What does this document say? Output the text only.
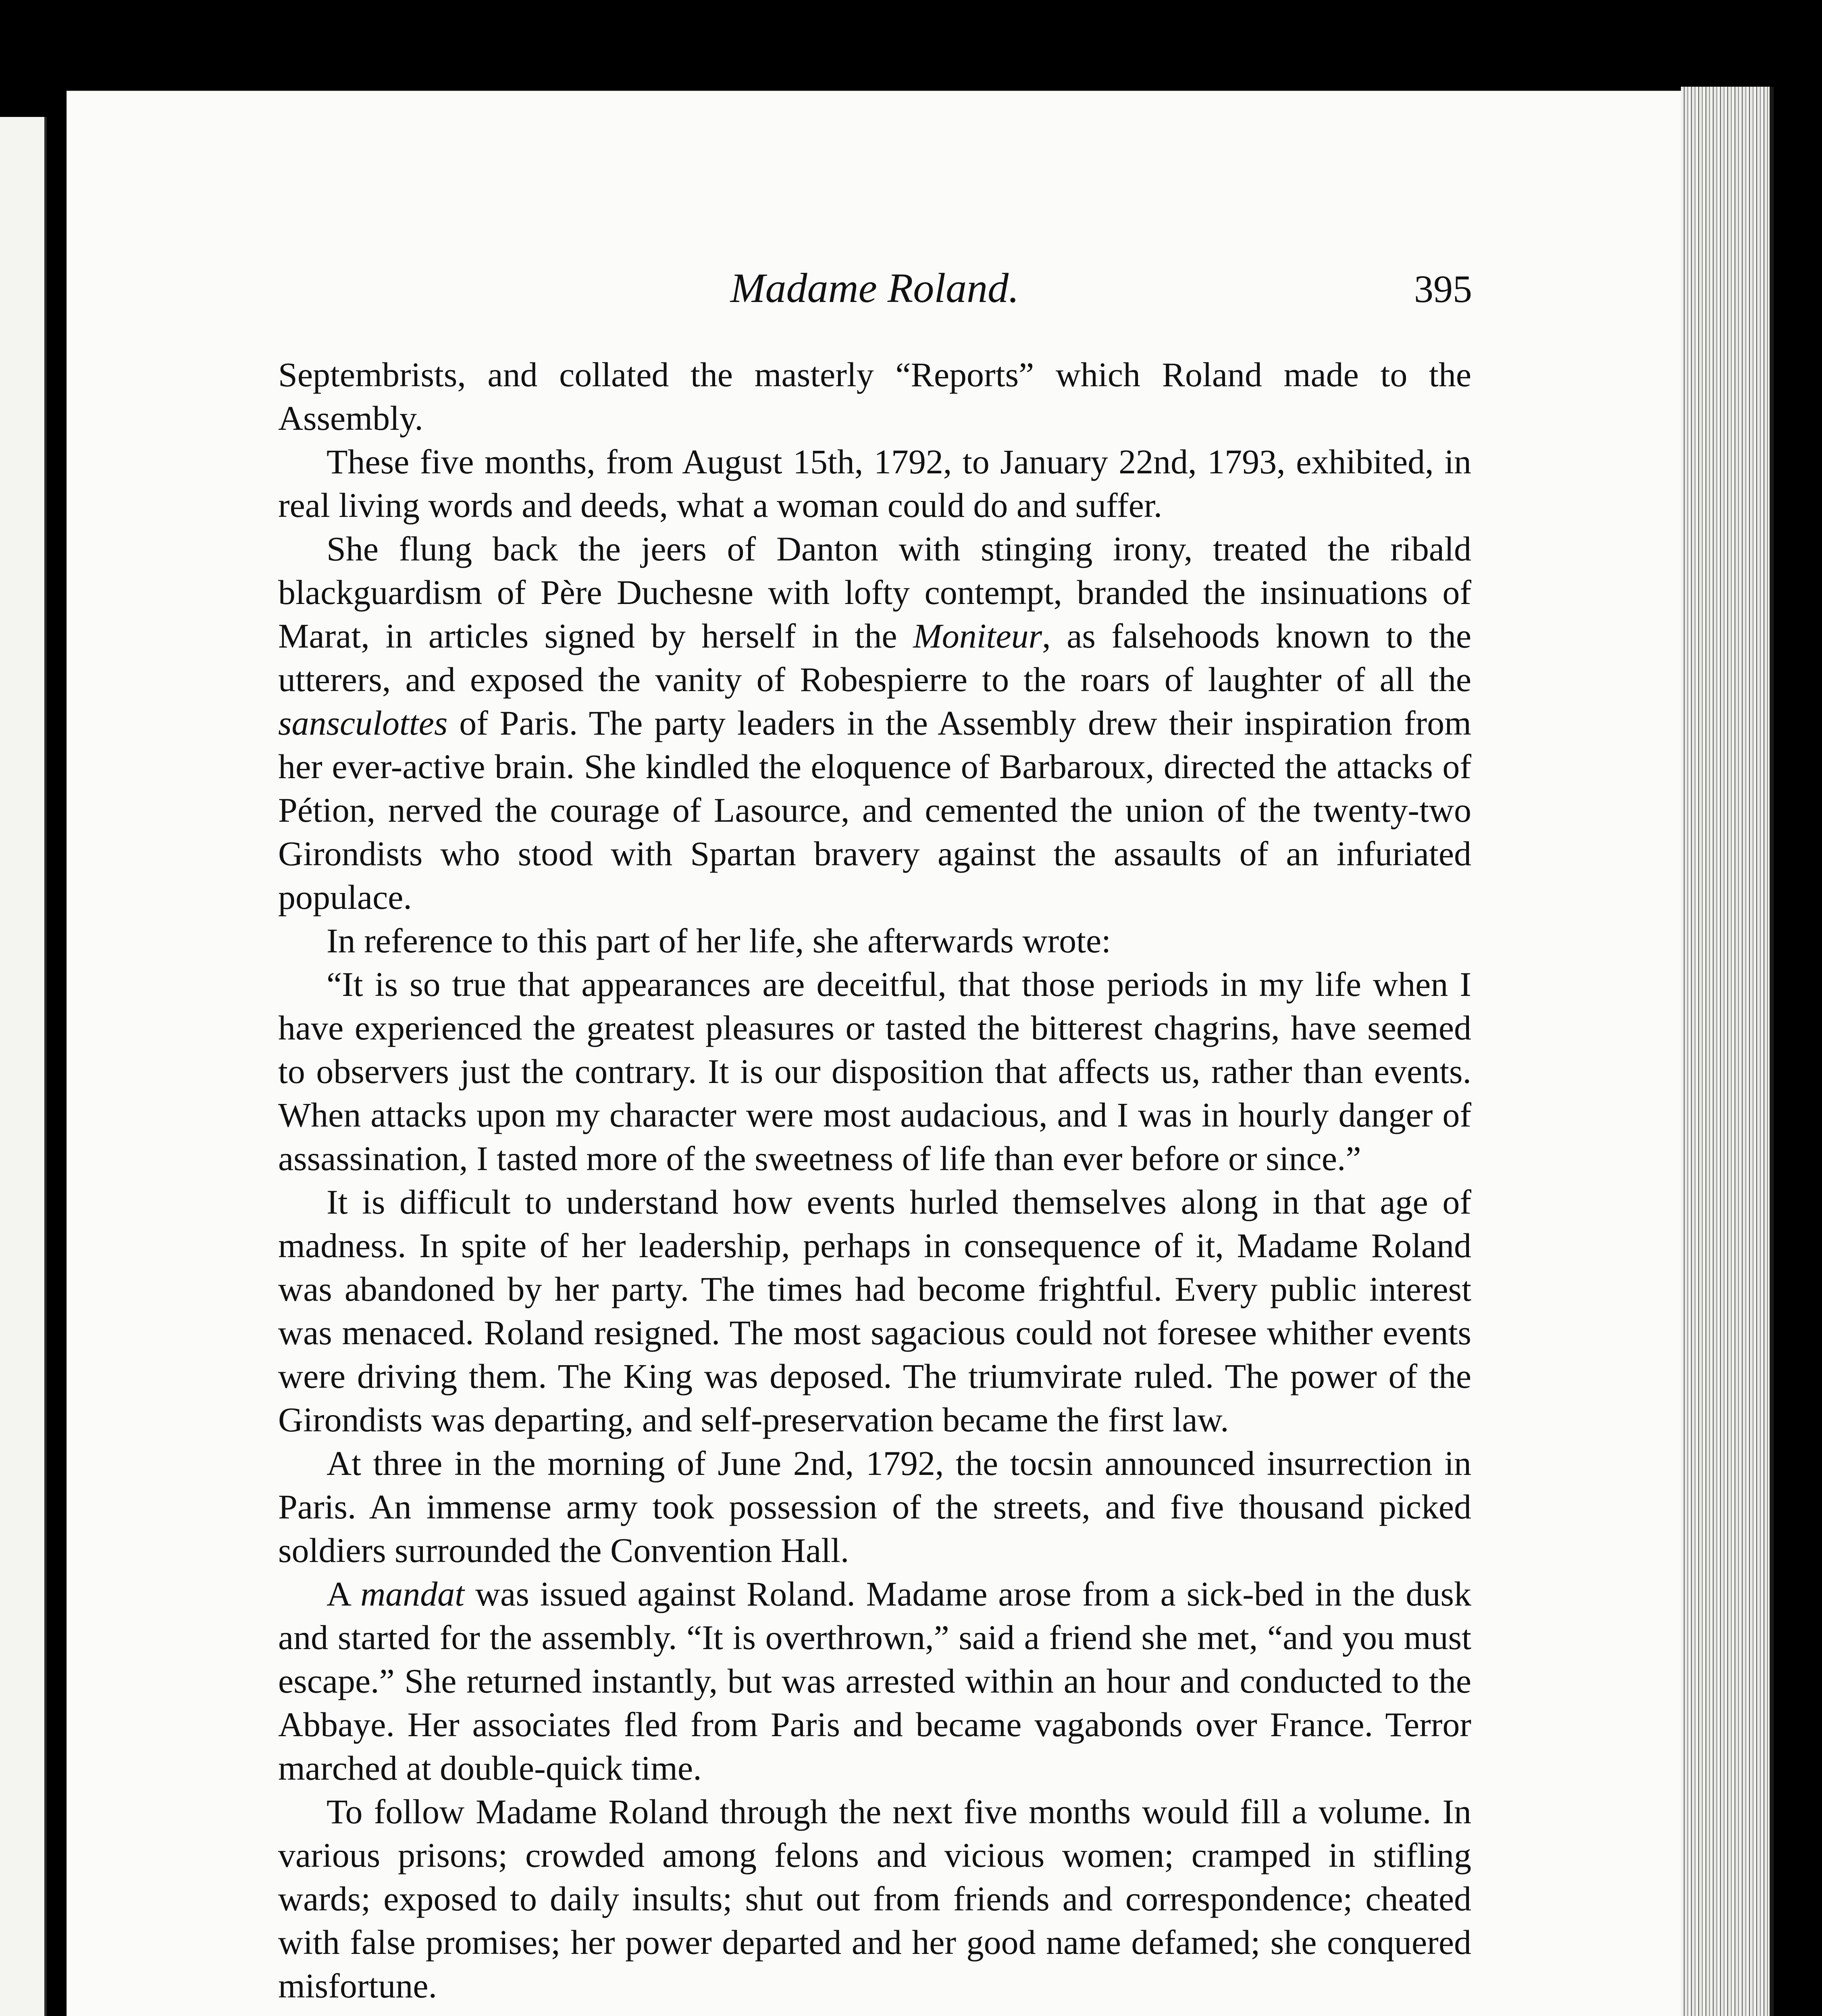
Madame Roland.	395

Septembrists, and collated the masterly “Reports” which Roland made to the Assembly.

These five months, from August 15th, 1792, to January 22nd, 1793, exhibited, in real living words and deeds, what a woman could do and suffer.

She flung back the jeers of Danton with stinging irony, treated the ribald blackguardism of Père Duchesne with lofty contempt, branded the insinuations of Marat, in articles signed by herself in the Moniteur, as falsehoods known to the utterers, and exposed the vanity of Robespierre to the roars of laughter of all the sansculottes of Paris. The party leaders in the Assembly drew their inspiration from her ever-active brain. She kindled the eloquence of Barbaroux, directed the attacks of Pétion, nerved the courage of Lasource, and cemented the union of the twenty-two Girondists who stood with Spartan bravery against the assaults of an infuriated populace.

In reference to this part of her life, she afterwards wrote:

“It is so true that appearances are deceitful, that those periods in my life when I have experienced the greatest pleasures or tasted the bitterest chagrins, have seemed to observers just the contrary. It is our disposition that affects us, rather than events. When attacks upon my character were most audacious, and I was in hourly danger of assassination, I tasted more of the sweetness of life than ever before or since.”

It is difficult to understand how events hurled themselves along in that age of madness. In spite of her leadership, perhaps in consequence of it, Madame Roland was abandoned by her party. The times had become frightful. Every public interest was menaced. Roland resigned. The most sagacious could not foresee whither events were driving them. The King was deposed. The triumvirate ruled. The power of the Girondists was departing, and self-preservation became the first law.

At three in the morning of June 2nd, 1792, the tocsin announced insurrection in Paris. An immense army took possession of the streets, and five thousand picked soldiers surrounded the Convention Hall.

A mandat was issued against Roland. Madame arose from a sick-bed in the dusk and started for the assembly. “It is overthrown,” said a friend she met, “and you must escape.” She returned instantly, but was arrested within an hour and conducted to the Abbaye. Her associates fled from Paris and became vagabonds over France. Terror marched at double-quick time.

To follow Madame Roland through the next five months would fill a volume. In various prisons; crowded among felons and vicious women; cramped in stifling wards; exposed to daily insults; shut out from friends and correspondence; cheated with false promises; her power departed and her good name defamed; she conquered misfortune.
